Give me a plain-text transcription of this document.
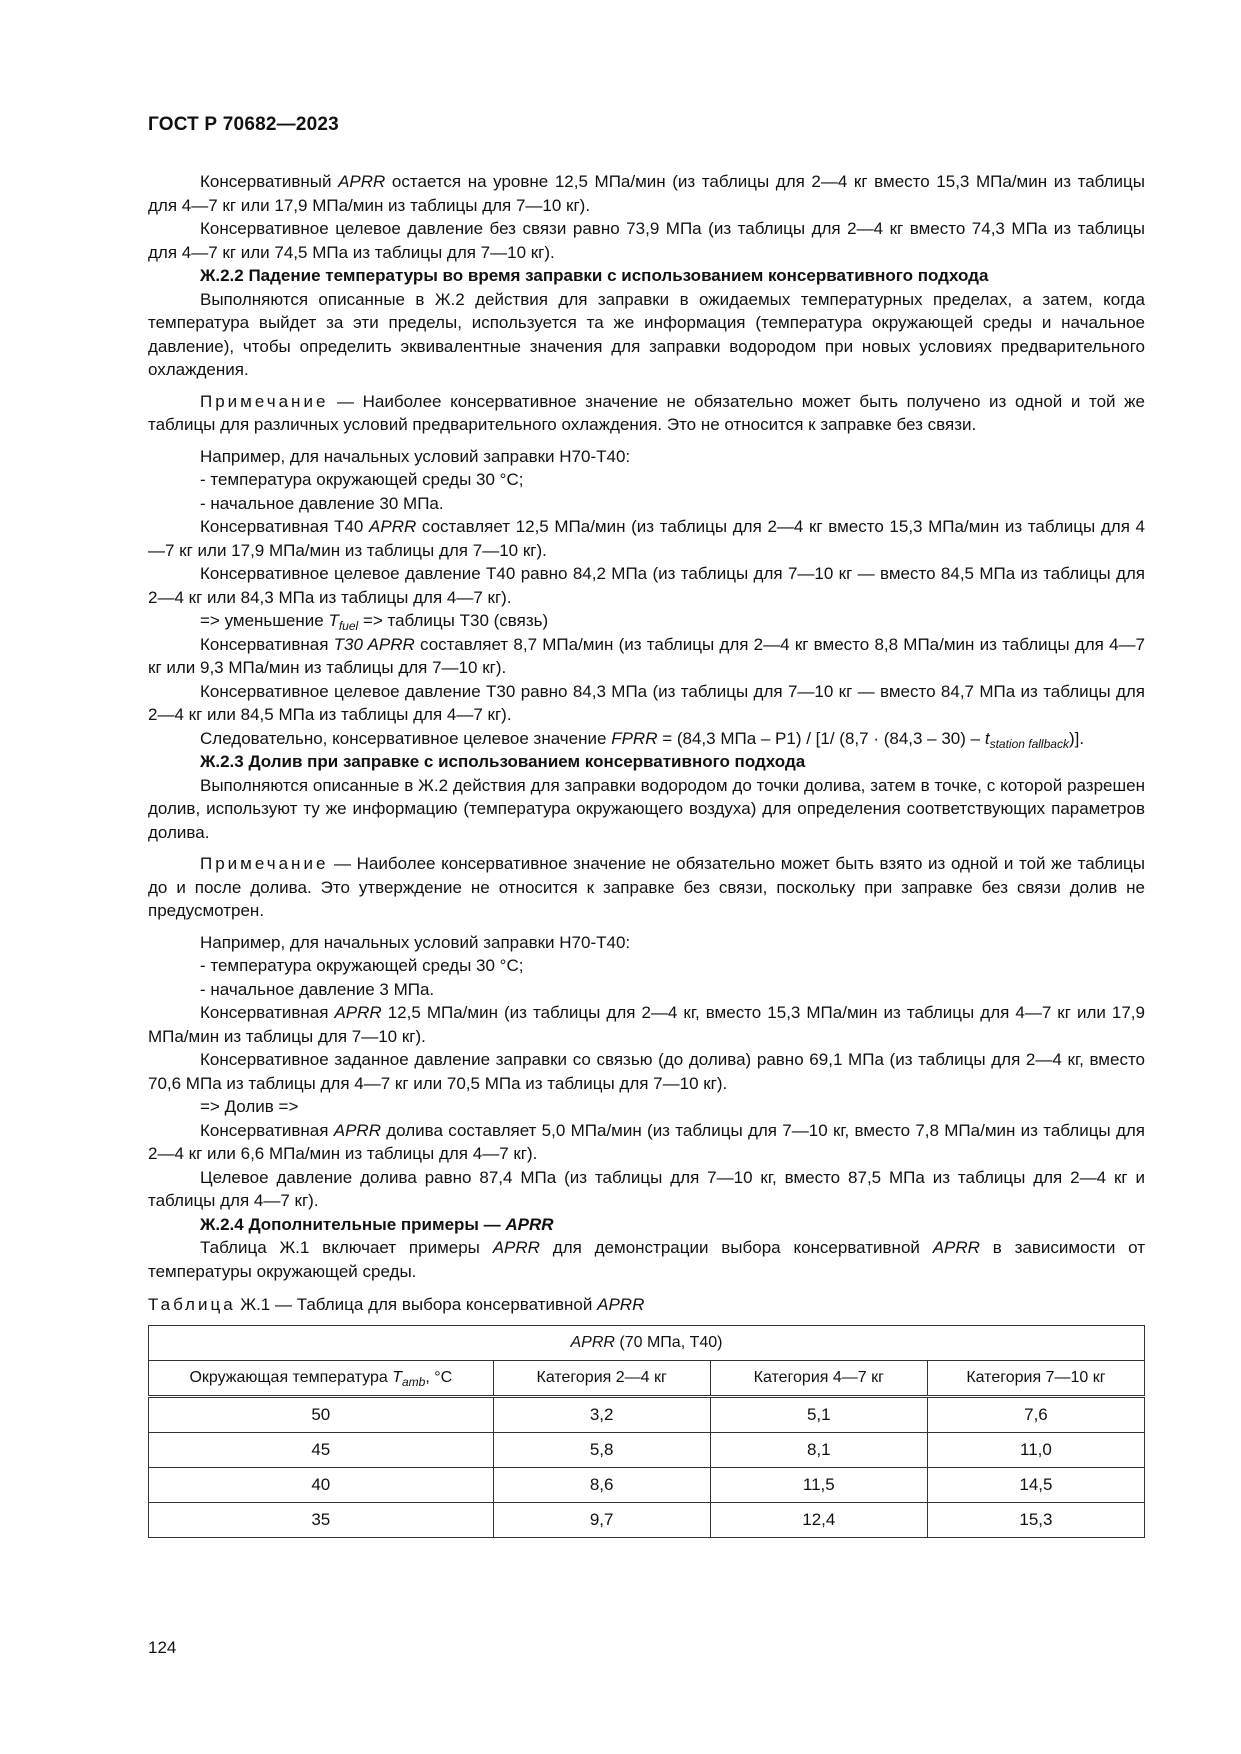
ГОСТ Р 70682—2023

Консервативный APRR остается на уровне 12,5 МПа/мин (из таблицы для 2—4 кг вместо 15,3 МПа/мин из таблицы для 4—7 кг или 17,9 МПа/мин из таблицы для 7—10 кг).

Консервативное целевое давление без связи равно 73,9 МПа (из таблицы для 2—4 кг вместо 74,3 МПа из таблицы для 4—7 кг или 74,5 МПа из таблицы для 7—10 кг).

Ж.2.2 Падение температуры во время заправки с использованием консервативного подхода

Выполняются описанные в Ж.2 действия для заправки в ожидаемых температурных пределах, а затем, когда температура выйдет за эти пределы, используется та же информация (температура окружающей среды и начальное давление), чтобы определить эквивалентные значения для заправки водородом при новых условиях предварительного охлаждения.

Примечание — Наиболее консервативное значение не обязательно может быть получено из одной и той же таблицы для различных условий предварительного охлаждения. Это не относится к заправке без связи.

Например, для начальных условий заправки H70-T40:

- температура окружающей среды 30 °С;

- начальное давление 30 МПа.

Консервативная Т40 APRR составляет 12,5 МПа/мин (из таблицы для 2—4 кг вместо 15,3 МПа/мин из таблицы для 4—7 кг или 17,9 МПа/мин из таблицы для 7—10 кг).

Консервативное целевое давление Т40 равно 84,2 МПа (из таблицы для 7—10 кг — вместо 84,5 МПа из таблицы для 2—4 кг или 84,3 МПа из таблицы для 4—7 кг).

=> уменьшение $T_{fuel}$ => таблицы Т30 (связь)

Консервативная T30 APRR составляет 8,7 МПа/мин (из таблицы для 2—4 кг вместо 8,8 МПа/мин из таблицы для 4—7 кг или 9,3 МПа/мин из таблицы для 7—10 кг).

Консервативное целевое давление Т30 равно 84,3 МПа (из таблицы для 7—10 кг — вместо 84,7 МПа из таблицы для 2—4 кг или 84,5 МПа из таблицы для 4—7 кг).

Следовательно, консервативное целевое значение FPRR = (84,3 МПа – P1) / [1/ $(8,7 \cdot (84,3 - 30) - t_{station fallback})$].

Ж.2.3 Долив при заправке с использованием консервативного подхода

Выполняются описанные в Ж.2 действия для заправки водородом до точки долива, затем в точке, с которой разрешен долив, используют ту же информацию (температура окружающего воздуха) для определения соответствующих параметров долива.

Примечание — Наиболее консервативное значение не обязательно может быть взято из одной и той же таблицы до и после долива. Это утверждение не относится к заправке без связи, поскольку при заправке без связи долив не предусмотрен.

Например, для начальных условий заправки H70-T40:

- температура окружающей среды 30 °С;

- начальное давление 3 МПа.

Консервативная APRR 12,5 МПа/мин (из таблицы для 2—4 кг, вместо 15,3 МПа/мин из таблицы для 4—7 кг или 17,9 МПа/мин из таблицы для 7—10 кг).

Консервативное заданное давление заправки со связью (до долива) равно 69,1 МПа (из таблицы для 2—4 кг, вместо 70,6 МПа из таблицы для 4—7 кг или 70,5 МПа из таблицы для 7—10 кг).

=> Долив =>

Консервативная APRR долива составляет 5,0 МПа/мин (из таблицы для 7—10 кг, вместо 7,8 МПа/мин из таблицы для 2—4 кг или 6,6 МПа/мин из таблицы для 4—7 кг).

Целевое давление долива равно 87,4 МПа (из таблицы для 7—10 кг, вместо 87,5 МПа из таблицы для 2—4 кг и таблицы для 4—7 кг).

Ж.2.4 Дополнительные примеры — APRR

Таблица Ж.1 включает примеры APRR для демонстрации выбора консервативной APRR в зависимости от температуры окружающей среды.

Таблица Ж.1 — Таблица для выбора консервативной APRR

APRR (70 МПа, Т40)			
Окружающая температура $T_{amb}$, °С	Категория 2—4 кг	Категория 4—7 кг	Категория 7—10 кг
50	3,2	5,1	7,6
45	5,8	8,1	11,0
40	8,6	11,5	14,5
35	9,7	12,4	15,3
124
